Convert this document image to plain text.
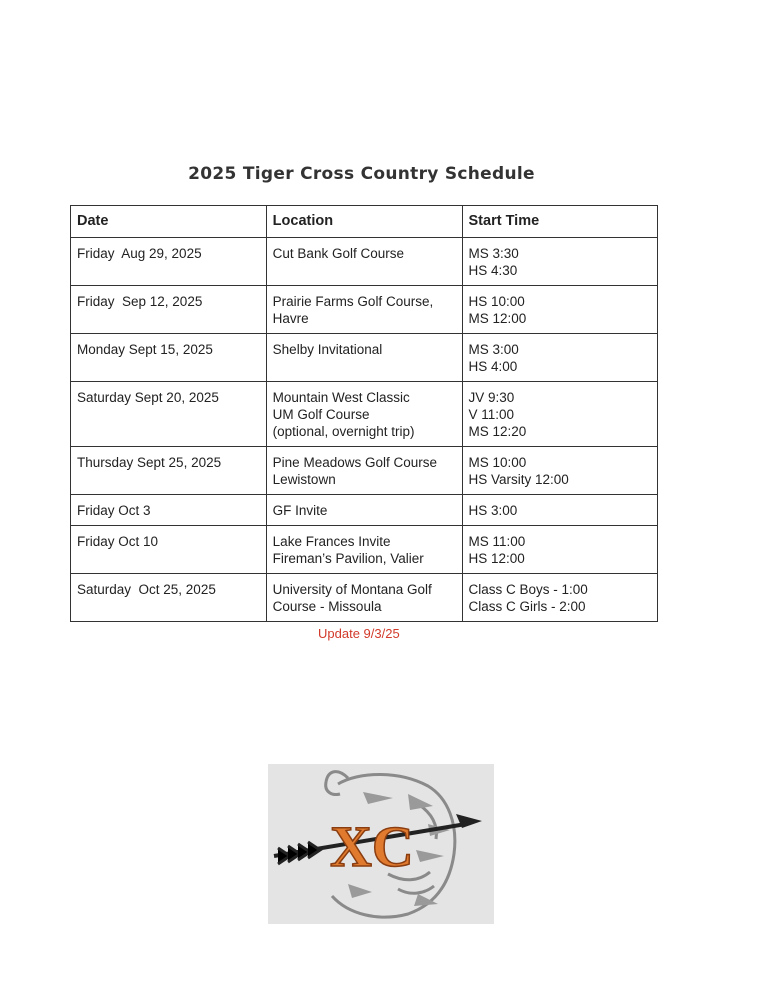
2025 Tiger Cross Country Schedule
Date	Location	Start Time
Friday  Aug 29, 2025	Cut Bank Golf Course	MS 3:30
HS 4:30

Friday  Sep 12, 2025	Prairie Farms Golf Course,
Havre	HS 10:00
MS 12:00

Monday Sept 15, 2025	Shelby Invitational	MS 3:00
HS 4:00

Saturday Sept 20, 2025	Mountain West Classic
UM Golf Course
(optional, overnight trip)	JV 9:30
V 11:00
MS 12:20

Thursday Sept 25, 2025	Pine Meadows Golf Course
Lewistown	MS 10:00
HS Varsity 12:00

Friday Oct 3	GF Invite	HS 3:00

Friday Oct 10	Lake Frances Invite
Fireman’s Pavilion, Valier	MS 11:00
HS 12:00

Saturday  Oct 25, 2025	University of Montana Golf
Course - Missoula	Class C Boys - 1:00
Class C Girls - 2:00
Update 9/3/25
XC
